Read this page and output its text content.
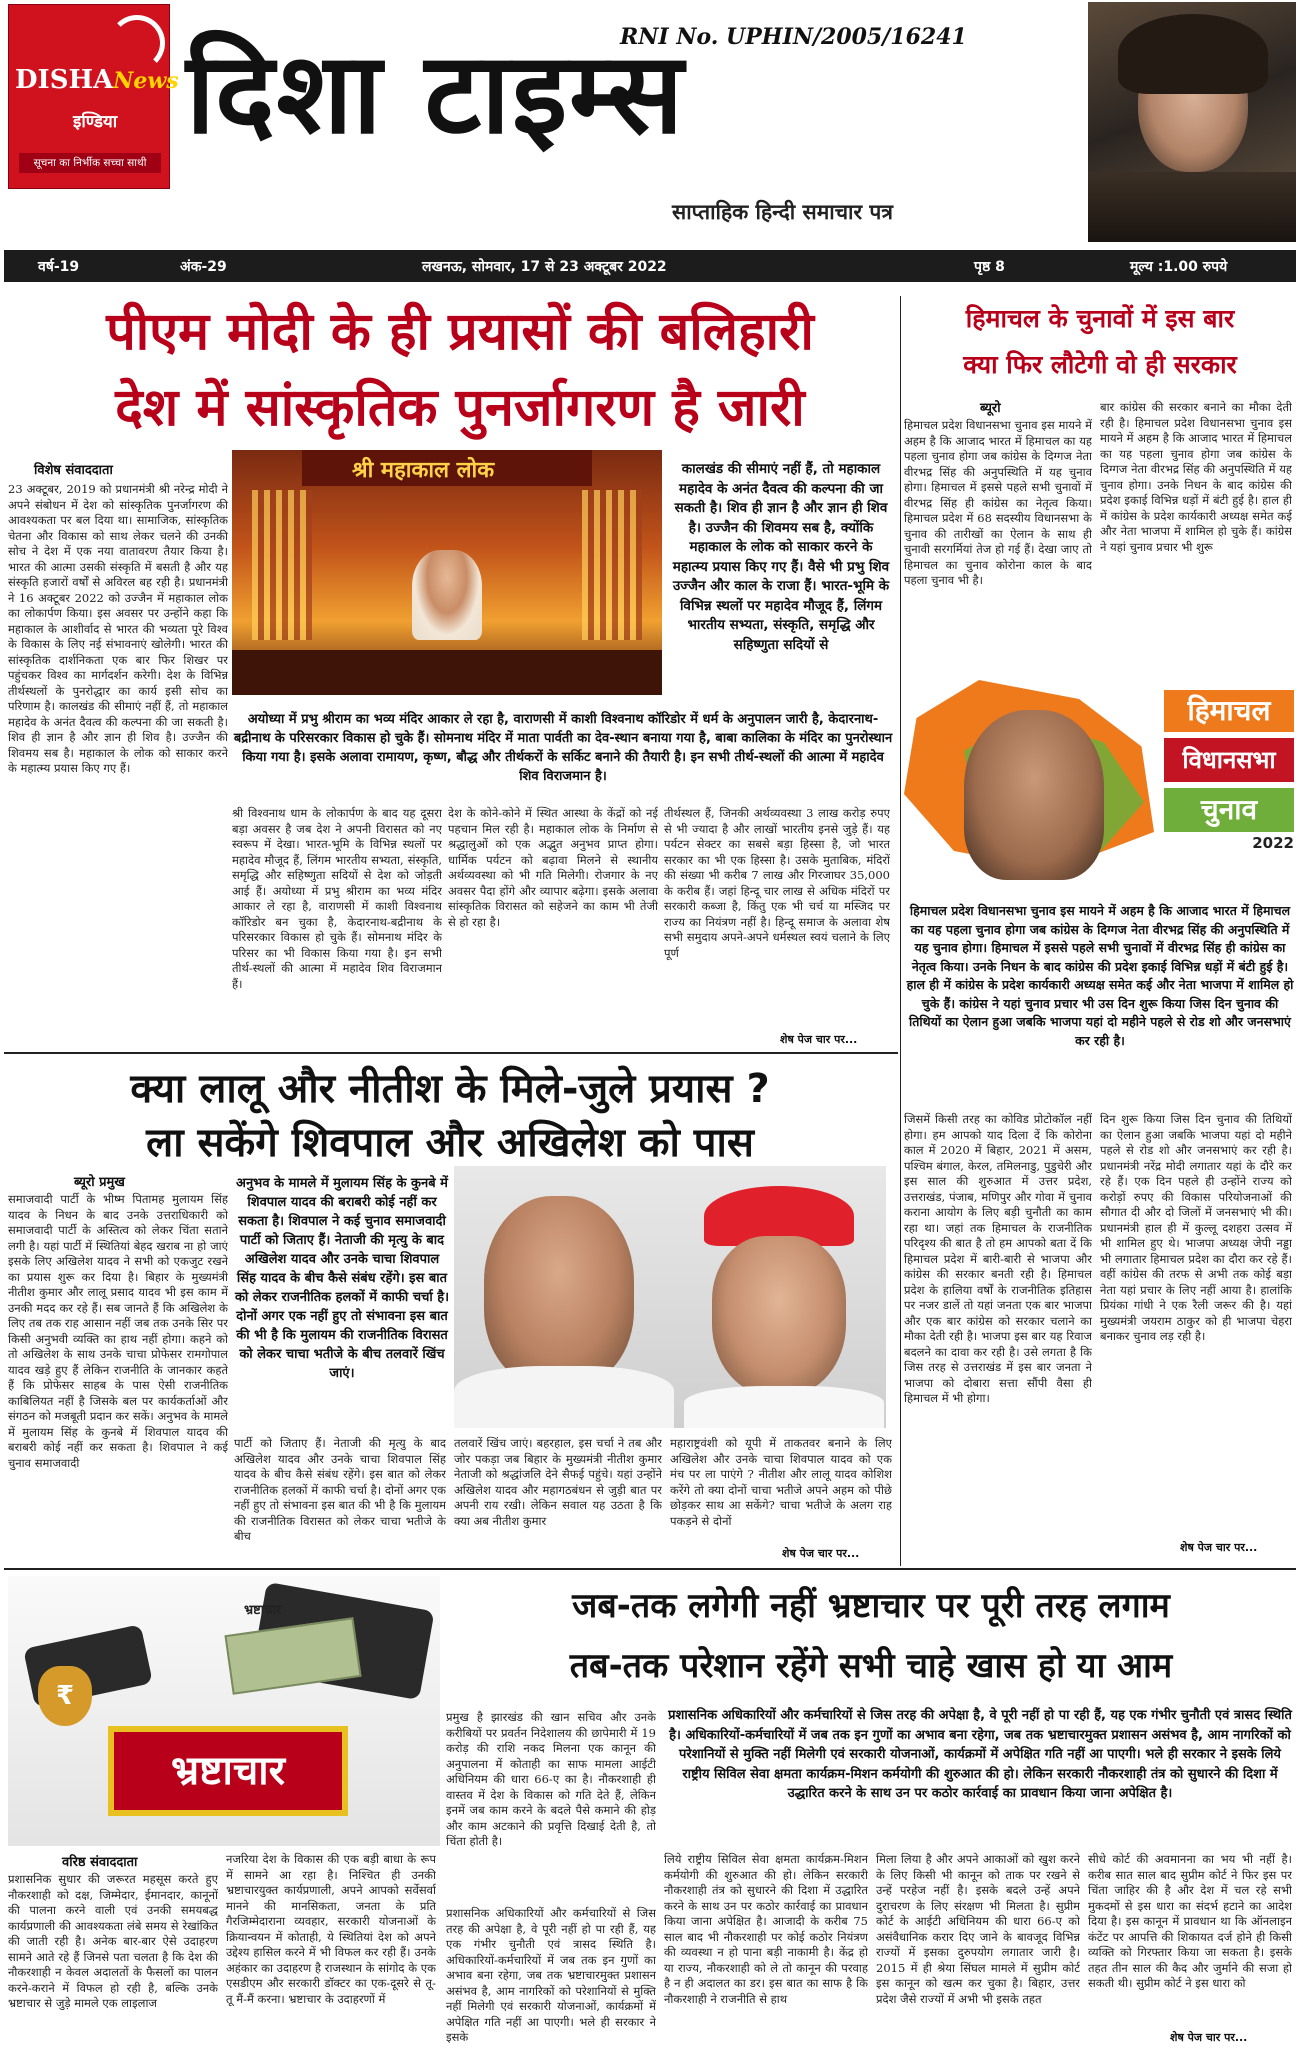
DISHANews
इण्डिया
सूचना का निर्भीक सच्चा साथी
RNI No. UPHIN/2005/16241
दिशा टाइम्स
साप्ताहिक हिन्दी समाचार पत्र
वर्ष-19	अंक-29	लखनऊ, सोमवार, 17 से 23 अक्टूबर 2022	पृष्ठ 8	मूल्य :1.00 रुपये
पीएम मोदी के ही प्रयासों की बलिहारी
देश में सांस्कृतिक पुनर्जागरण है जारी
विशेष संवाददाता
23 अक्टूबर, 2019 को प्रधानमंत्री श्री नरेन्द्र मोदी ने अपने संबोधन में देश को सांस्कृतिक पुनर्जागरण की आवश्यकता पर बल दिया था। सामाजिक, सांस्कृतिक चेतना और विकास को साथ लेकर चलने की उनकी सोच ने देश में एक नया वातावरण तैयार किया है। भारत की आत्मा उसकी संस्कृति में बसती है और यह संस्कृति हजारों वर्षों से अविरल बह रही है। प्रधानमंत्री ने 16 अक्टूबर 2022 को उज्जैन में महाकाल लोक का लोकार्पण किया। इस अवसर पर उन्होंने कहा कि महाकाल के आशीर्वाद से भारत की भव्यता पूरे विश्व के विकास के लिए नई संभावनाएं खोलेगी। भारत की सांस्कृतिक दार्शनिकता एक बार फिर शिखर पर पहुंचकर विश्व का मार्गदर्शन करेगी। देश के विभिन्न तीर्थस्थलों के पुनरोद्धार का कार्य इसी सोच का परिणाम है। कालखंड की सीमाएं नहीं हैं, तो महाकाल महादेव के अनंत दैवत्व की कल्पना की जा सकती है। शिव ही ज्ञान है और ज्ञान ही शिव है। उज्जैन की शिवमय सब है। महाकाल के लोक को साकार करने के महात्म्य प्रयास किए गए हैं।
श्री महाकाल लोक	कालखंड की सीमाएं नहीं हैं, तो महाकाल महादेव के अनंत दैवत्व की कल्पना की जा सकती है। शिव ही ज्ञान है और ज्ञान ही शिव है। उज्जैन की शिवमय सब है, क्योंकि महाकाल के लोक को साकार करने के महात्म्य प्रयास किए गए हैं। वैसे भी प्रभु शिव उज्जैन और काल के राजा हैं। भारत-भूमि के विभिन्न स्थलों पर महादेव मौजूद हैं, लिंगम भारतीय सभ्यता, संस्कृति, समृद्धि और सहिष्णुता सदियों से
अयोध्या में प्रभु श्रीराम का भव्य मंदिर आकार ले रहा है, वाराणसी में काशी विश्वनाथ कॉरिडोर में धर्म के अनुपालन जारी है, केदारनाथ-बद्रीनाथ के परिसरकार विकास हो चुके हैं। सोमनाथ मंदिर में माता पार्वती का देव-स्थान बनाया गया है, बाबा कालिका के मंदिर का पुनरोस्थान किया गया है। इसके अलावा रामायण, कृष्ण, बौद्ध और तीर्थकरों के सर्किट बनाने की तैयारी है। इन सभी तीर्थ-स्थलों की आत्मा में महादेव शिव विराजमान है।
श्री विश्वनाथ धाम के लोकार्पण के बाद यह दूसरा बड़ा अवसर है जब देश ने अपनी विरासत को नए स्वरूप में देखा। भारत-भूमि के विभिन्न स्थलों पर महादेव मौजूद हैं, लिंगम भारतीय सभ्यता, संस्कृति, समृद्धि और सहिष्णुता सदियों से देश को जोड़ती आई हैं। अयोध्या में प्रभु श्रीराम का भव्य मंदिर आकार ले रहा है, वाराणसी में काशी विश्वनाथ कॉरिडोर बन चुका है, केदारनाथ-बद्रीनाथ के परिसरकार विकास हो चुके हैं। सोमनाथ मंदिर के परिसर का भी विकास किया गया है। इन सभी तीर्थ-स्थलों की आत्मा में महादेव शिव विराजमान हैं।
देश के कोने-कोने में स्थित आस्था के केंद्रों को नई पहचान मिल रही है। महाकाल लोक के निर्माण से श्रद्धालुओं को एक अद्भुत अनुभव प्राप्त होगा। धार्मिक पर्यटन को बढ़ावा मिलने से स्थानीय अर्थव्यवस्था को भी गति मिलेगी। रोजगार के नए अवसर पैदा होंगे और व्यापार बढ़ेगा। इसके अलावा सांस्कृतिक विरासत को सहेजने का काम भी तेजी से हो रहा है।
तीर्थस्थल हैं, जिनकी अर्थव्यवस्था 3 लाख करोड़ रुपए से भी ज्यादा है और लाखों भारतीय इनसे जुड़े हैं। यह पर्यटन सेक्टर का सबसे बड़ा हिस्सा है, जो भारत सरकार का भी एक हिस्सा है। उसके मुताबिक, मंदिरों की संख्या भी करीब 7 लाख और गिरजाघर 35,000 के करीब हैं। जहां हिन्दू चार लाख से अधिक मंदिरों पर सरकारी कब्जा है, किंतु एक भी चर्च या मस्जिद पर राज्य का नियंत्रण नहीं है। हिन्दू समाज के अलावा शेष सभी समुदाय अपने-अपने धर्मस्थल स्वयं चलाने के लिए पूर्ण
शेष पेज चार पर...
हिमाचल के चुनावों में इस बार
क्या फिर लौटेगी वो ही सरकार
ब्यूरो
हिमाचल प्रदेश विधानसभा चुनाव इस मायने में अहम है कि आजाद भारत में हिमाचल का यह पहला चुनाव होगा जब कांग्रेस के दिग्गज नेता वीरभद्र सिंह की अनुपस्थिति में यह चुनाव होगा। हिमाचल में इससे पहले सभी चुनावों में वीरभद्र सिंह ही कांग्रेस का नेतृत्व किया। हिमाचल प्रदेश में 68 सदस्यीय विधानसभा के चुनाव की तारीखों का ऐलान के साथ ही चुनावी सरगर्मियां तेज हो गई हैं। देखा जाए तो हिमाचल का चुनाव कोरोना काल के बाद पहला चुनाव भी है।
बार कांग्रेस की सरकार बनाने का मौका देती रही है। हिमाचल प्रदेश विधानसभा चुनाव इस मायने में अहम है कि आजाद भारत में हिमाचल का यह पहला चुनाव होगा जब कांग्रेस के दिग्गज नेता वीरभद्र सिंह की अनुपस्थिति में यह चुनाव होगा। उनके निधन के बाद कांग्रेस की प्रदेश इकाई विभिन्न धड़ों में बंटी हुई है। हाल ही में कांग्रेस के प्रदेश कार्यकारी अध्यक्ष समेत कई और नेता भाजपा में शामिल हो चुके हैं। कांग्रेस ने यहां चुनाव प्रचार भी शुरू
हिमाचल
विधानसभा
चुनाव
2022
हिमाचल प्रदेश विधानसभा चुनाव इस मायने में अहम है कि आजाद भारत में हिमाचल का यह पहला चुनाव होगा जब कांग्रेस के दिग्गज नेता वीरभद्र सिंह की अनुपस्थिति में यह चुनाव होगा। हिमाचल में इससे पहले सभी चुनावों में वीरभद्र सिंह ही कांग्रेस का नेतृत्व किया। उनके निधन के बाद कांग्रेस की प्रदेश इकाई विभिन्न धड़ों में बंटी हुई है। हाल ही में कांग्रेस के प्रदेश कार्यकारी अध्यक्ष समेत कई और नेता भाजपा में शामिल हो चुके हैं। कांग्रेस ने यहां चुनाव प्रचार भी उस दिन शुरू किया जिस दिन चुनाव की तिथियों का ऐलान हुआ जबकि भाजपा यहां दो महीने पहले से रोड शो और जनसभाएं कर रही है।
जिसमें किसी तरह का कोविड प्रोटोकॉल नहीं होगा। हम आपको याद दिला दें कि कोरोना काल में 2020 में बिहार, 2021 में असम, पश्चिम बंगाल, केरल, तमिलनाडु, पुडुचेरी और इस साल की शुरुआत में उत्तर प्रदेश, उत्तराखंड, पंजाब, मणिपुर और गोवा में चुनाव कराना आयोग के लिए बड़ी चुनौती का काम रहा था। जहां तक हिमाचल के राजनीतिक परिदृश्य की बात है तो हम आपको बता दें कि हिमाचल प्रदेश में बारी-बारी से भाजपा और कांग्रेस की सरकार बनती रही है। हिमाचल प्रदेश के हालिया वर्षों के राजनीतिक इतिहास पर नजर डालें तो यहां जनता एक बार भाजपा और एक बार कांग्रेस को सरकार चलाने का मौका देती रही है। भाजपा इस बार यह रिवाज बदलने का दावा कर रही है। उसे लगता है कि जिस तरह से उत्तराखंड में इस बार जनता ने भाजपा को दोबारा सत्ता सौंपी वैसा ही हिमाचल में भी होगा।
दिन शुरू किया जिस दिन चुनाव की तिथियों का ऐलान हुआ जबकि भाजपा यहां दो महीने पहले से रोड शो और जनसभाएं कर रही है। प्रधानमंत्री नरेंद्र मोदी लगातार यहां के दौरे कर रहे हैं। एक दिन पहले ही उन्होंने राज्य को करोड़ों रुपए की विकास परियोजनाओं की सौगात दी और दो जिलों में जनसभाएं भी की। प्रधानमंत्री हाल ही में कुल्लू दशहरा उत्सव में भी शामिल हुए थे। भाजपा अध्यक्ष जेपी नड्डा भी लगातार हिमाचल प्रदेश का दौरा कर रहे हैं। वहीं कांग्रेस की तरफ से अभी तक कोई बड़ा नेता यहां प्रचार के लिए नहीं आया है। हालांकि प्रियंका गांधी ने एक रैली जरूर की है। यहां मुख्यमंत्री जयराम ठाकुर को ही भाजपा चेहरा बनाकर चुनाव लड़ रही है।
शेष पेज चार पर...
क्या लालू और नीतीश के मिले-जुले प्रयास ?
ला सकेंगे शिवपाल और अखिलेश को पास
ब्यूरो प्रमुख
समाजवादी पार्टी के भीष्म पितामह मुलायम सिंह यादव के निधन के बाद उनके उत्तराधिकारी को समाजवादी पार्टी के अस्तित्व को लेकर चिंता सताने लगी है। यहां पार्टी में स्थितियां बेहद खराब ना हो जाएं इसके लिए अखिलेश यादव ने सभी को एकजुट रखने का प्रयास शुरू कर दिया है। बिहार के मुख्यमंत्री नीतीश कुमार और लालू प्रसाद यादव भी इस काम में उनकी मदद कर रहे हैं। सब जानते हैं कि अखिलेश के लिए तब तक राह आसान नहीं जब तक उनके सिर पर किसी अनुभवी व्यक्ति का हाथ नहीं होगा। कहने को तो अखिलेश के साथ उनके चाचा प्रोफेसर रामगोपाल यादव खड़े हुए हैं लेकिन राजनीति के जानकार कहते हैं कि प्रोफेसर साहब के पास ऐसी राजनीतिक काबिलियत नहीं है जिसके बल पर कार्यकर्ताओं और संगठन को मजबूती प्रदान कर सकें। अनुभव के मामले में मुलायम सिंह के कुनबे में शिवपाल यादव की बराबरी कोई नहीं कर सकता है। शिवपाल ने कई चुनाव समाजवादी
अनुभव के मामले में मुलायम सिंह के कुनबे में शिवपाल यादव की बराबरी कोई नहीं कर सकता है। शिवपाल ने कई चुनाव समाजवादी पार्टी को जिताए हैं। नेताजी की मृत्यु के बाद अखिलेश यादव और उनके चाचा शिवपाल सिंह यादव के बीच कैसे संबंध रहेंगे। इस बात को लेकर राजनीतिक हलकों में काफी चर्चा है। दोनों अगर एक नहीं हुए तो संभावना इस बात की भी है कि मुलायम की राजनीतिक विरासत को लेकर चाचा भतीजे के बीच तलवारें खिंच जाएं।
पार्टी को जिताए हैं। नेताजी की मृत्यु के बाद अखिलेश यादव और उनके चाचा शिवपाल सिंह यादव के बीच कैसे संबंध रहेंगे। इस बात को लेकर राजनीतिक हलकों में काफी चर्चा है। दोनों अगर एक नहीं हुए तो संभावना इस बात की भी है कि मुलायम की राजनीतिक विरासत को लेकर चाचा भतीजे के बीच
तलवारें खिंच जाएं। बहरहाल, इस चर्चा ने तब और जोर पकड़ा जब बिहार के मुख्यमंत्री नीतीश कुमार नेताजी को श्रद्धांजलि देने सैफई पहुंचे। यहां उन्होंने अखिलेश यादव और महागठबंधन से जुड़ी बात पर अपनी राय रखी। लेकिन सवाल यह उठता है कि क्या अब नीतीश कुमार
महाराष्ट्रवंशी को यूपी में ताकतवर बनाने के लिए अखिलेश और उनके चाचा शिवपाल यादव को एक मंच पर ला पाएंगे ? नीतीश और लालू यादव कोशिश करेंगे तो क्या दोनों चाचा भतीजे अपने अहम को पीछे छोड़कर साथ आ सकेंगे? चाचा भतीजे के अलग राह पकड़ने से दोनों
शेष पेज चार पर...
₹
भ्रष्टाचार
भ्रष्टाचार
जब-तक लगेगी नहीं भ्रष्टाचार पर पूरी तरह लगाम
तब-तक परेशान रहेंगे सभी चाहे खास हो या आम
वरिष्ठ संवाददाता
प्रशासनिक सुधार की जरूरत महसूस करते हुए नौकरशाही को दक्ष, जिम्मेदार, ईमानदार, कानूनों की पालना करने वाली एवं उनकी समयबद्ध कार्यप्रणाली की आवश्यकता लंबे समय से रेखांकित की जाती रही है। अनेक बार-बार ऐसे उदाहरण सामने आते रहे हैं जिनसे पता चलता है कि देश की नौकरशाही न केवल अदालतों के फैसलों का पालन करने-कराने में विफल हो रही है, बल्कि उनके भ्रष्टाचार से जुड़े मामले एक लाइलाज
प्रमुख है झारखंड की खान सचिव और उनके करीबियों पर प्रवर्तन निदेशालय की छापेमारी में 19 करोड़ की राशि नकद मिलना एक कानून की अनुपालना में कोताही का साफ मामला आईटी अधिनियम की धारा 66-ए का है। नौकरशाही ही वास्तव में देश के विकास को गति देते हैं, लेकिन इनमें जब काम करने के बदले पैसे कमाने की होड़ और काम अटकाने की प्रवृत्ति दिखाई देती है, तो चिंता होती है।
नजरिया देश के विकास की एक बड़ी बाधा के रूप में सामने आ रहा है। निश्चित ही उनकी भ्रष्टाचारयुक्त कार्यप्रणाली, अपने आपको सर्वेसर्वा मानने की मानसिकता, जनता के प्रति गैरजिम्मेदाराना व्यवहार, सरकारी योजनाओं के क्रियान्वयन में कोताही, ये स्थितियां देश को अपने उद्देश्य हासिल करने में भी विफल कर रही हैं। उनके अहंकार का उदाहरण है राजस्थान के सांगोद के एक एसडीएम और सरकारी डॉक्टर का एक-दूसरे से तू-तू मैं-मैं करना। भ्रष्टाचार के उदाहरणों में
प्रशासनिक अधिकारियों और कर्मचारियों से जिस तरह की अपेक्षा है, वे पूरी नहीं हो पा रही हैं, यह एक गंभीर चुनौती एवं त्रासद स्थिति है। अधिकारियों-कर्मचारियों में जब तक इन गुणों का अभाव बना रहेगा, जब तक भ्रष्टाचारमुक्त प्रशासन असंभव है, आम नागरिकों को परेशानियों से मुक्ति नहीं मिलेगी एवं सरकारी योजनाओं, कार्यक्रमों में अपेक्षित गति नहीं आ पाएगी। भले ही सरकार ने इसके
प्रशासनिक अधिकारियों और कर्मचारियों से जिस तरह की अपेक्षा है, वे पूरी नहीं हो पा रही हैं, यह एक गंभीर चुनौती एवं त्रासद स्थिति है। अधिकारियों-कर्मचारियों में जब तक इन गुणों का अभाव बना रहेगा, जब तक भ्रष्टाचारमुक्त प्रशासन असंभव है, आम नागरिकों को परेशानियों से मुक्ति नहीं मिलेगी एवं सरकारी योजनाओं, कार्यक्रमों में अपेक्षित गति नहीं आ पाएगी। भले ही सरकार ने इसके लिये राष्ट्रीय सिविल सेवा क्षमता कार्यक्रम-मिशन कर्मयोगी की शुरुआत की हो। लेकिन सरकारी नौकरशाही तंत्र को सुधारने की दिशा में उद्धारित करने के साथ उन पर कठोर कार्रवाई का प्रावधान किया जाना अपेक्षित है।
लिये राष्ट्रीय सिविल सेवा क्षमता कार्यक्रम-मिशन कर्मयोगी की शुरुआत की हो। लेकिन सरकारी नौकरशाही तंत्र को सुधारने की दिशा में उद्धारित करने के साथ उन पर कठोर कार्रवाई का प्रावधान किया जाना अपेक्षित है। आजादी के करीब 75 साल बाद भी नौकरशाही पर कोई कठोर नियंत्रण की व्यवस्था न हो पाना बड़ी नाकामी है। केंद्र हो या राज्य, नौकरशाही को ले तो कानून की परवाह है न ही अदालत का डर। इस बात का साफ है कि नौकरशाही ने राजनीति से हाथ
मिला लिया है और अपने आकाओं को खुश करने के लिए किसी भी कानून को ताक पर रखने से उन्हें परहेज नहीं है। इसके बदले उन्हें अपने दुराचरण के लिए संरक्षण भी मिलता है। सुप्रीम कोर्ट के आईटी अधिनियम की धारा 66-ए को असंवैधानिक करार दिए जाने के बावजूद विभिन्न राज्यों में इसका दुरुपयोग लगातार जारी है। 2015 में ही श्रेया सिंघल मामले में सुप्रीम कोर्ट इस कानून को खत्म कर चुका है। बिहार, उत्तर प्रदेश जैसे राज्यों में अभी भी इसके तहत
सीधे कोर्ट की अवमानना का भय भी नहीं है। करीब सात साल बाद सुप्रीम कोर्ट ने फिर इस पर चिंता जाहिर की है और देश में चल रहे सभी मुकदमों से इस धारा का संदर्भ हटाने का आदेश दिया है। इस कानून में प्रावधान था कि ऑनलाइन कंटेंट पर आपत्ति की शिकायत दर्ज होने ही किसी व्यक्ति को गिरफ्तार किया जा सकता है। इसके तहत तीन साल की कैद और जुर्माने की सजा हो सकती थी। सुप्रीम कोर्ट ने इस धारा को
शेष पेज चार पर...
